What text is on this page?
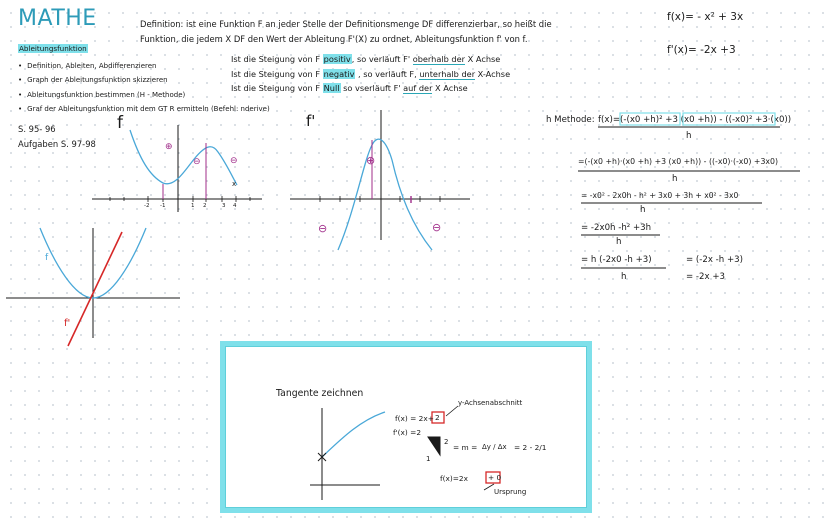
MATHE	Definition: ist eine Funktion F an jeder Stelle der Definitionsmenge DF differenzierbar, so heißt die
Funktion, die jedem X DF den Wert der Ableitung F'(X) zu ordnet, Ableitungsfunktion f' von f.
Ableitungsfunktion
• Definition, Ableiten, Abdifferenzieren
• Graph der Ableitungsfunktion skizzieren
• Ableitungsfunktion bestimmen (H - Methode)
• Graf der Ableitungsfunktion mit dem GT R ermitteln (Befehl: nderive)
Ist die Steigung von F positiv, so verläuft F' oberhalb der X Achse
Ist die Steigung von F negativ , so verläuft F, unterhalb der X-Achse
Ist die Steigung von F Null so vserläuft F' auf der X Achse
S. 95- 96
Aufgaben S. 97-98
f(x)= - x² + 3x
f'(x)= -2x +3
h Methode: f(x)=(-(x0 +h)² +3 (x0 +h)) - ((-x0)² +3·(x0))
h
=(-(x0 +h)·(x0 +h) +3 (x0 +h)) - ((-x0)·(-x0) +3x0)
h
= -x0² - 2x0h - h² + 3x0 + 3h + x0² - 3x0
h
= -2x0h -h² +3h
h
= h (-2x0 -h +3)
h
= (-2x -h +3)
= -2x +3
f	f'
f
f'
⊕
⊖	⊖	⊕
⊖	⊖
-2 -1	1 2	3 4
x
Tangente zeichnen
f(x) = 2x+ 2
y-Achsenabschnitt
f'(x) =2
2
1
= m = Δy / Δx = 2 - 2/1
f(x)=2x	+ 0
Ursprung
